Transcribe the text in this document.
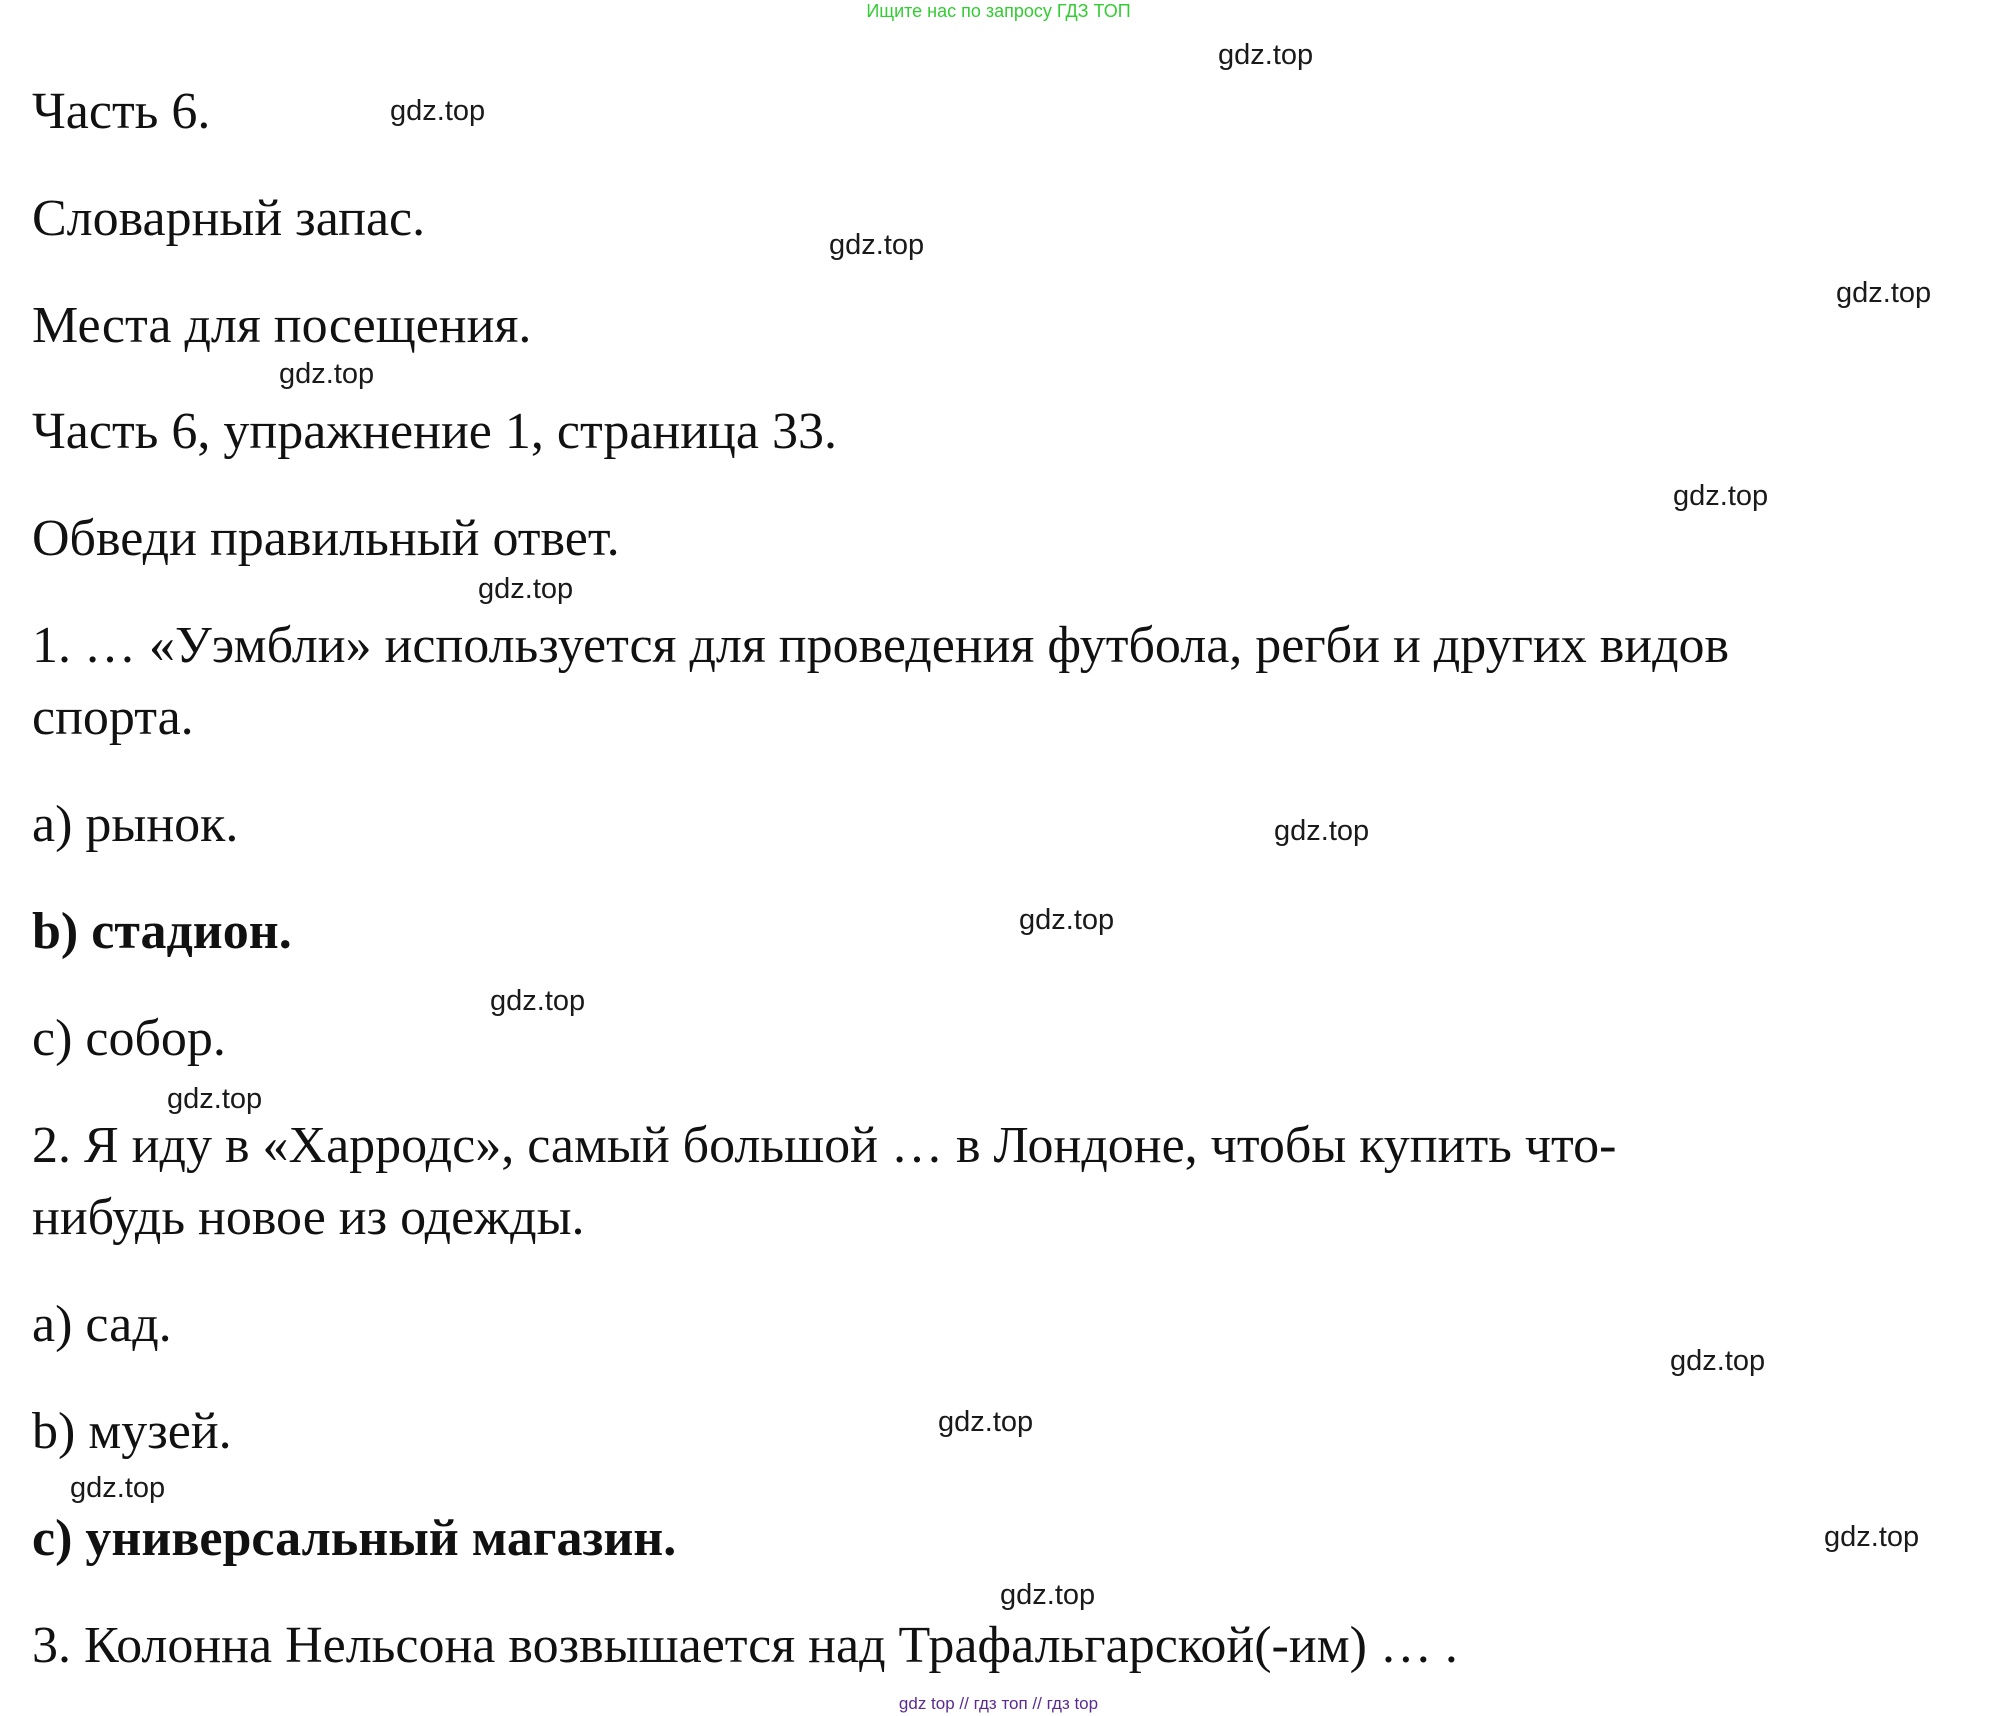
Ищите нас по запросу ГДЗ ТОП
Часть 6.
Словарный запас.
Места для посещения.
Часть 6, упражнение 1, страница 33.
Обведи правильный ответ.
1. … «Уэмбли» используется для проведения футбола, регби и других видов
спорта.
a) рынок.
b) стадион.
c) собор.
2. Я иду в «Харродс», самый большой … в Лондоне, чтобы купить что-
нибудь новое из одежды.
a) сад.
b) музей.
c) универсальный магазин.
3. Колонна Нельсона возвышается над Трафальгарской(-им) … .
gdz.top
gdz.top
gdz.top
gdz.top
gdz.top
gdz.top
gdz.top
gdz.top
gdz.top
gdz.top
gdz.top
gdz.top
gdz.top
gdz.top
gdz.top
gdz.top
gdz top // гдз топ // гдз top
